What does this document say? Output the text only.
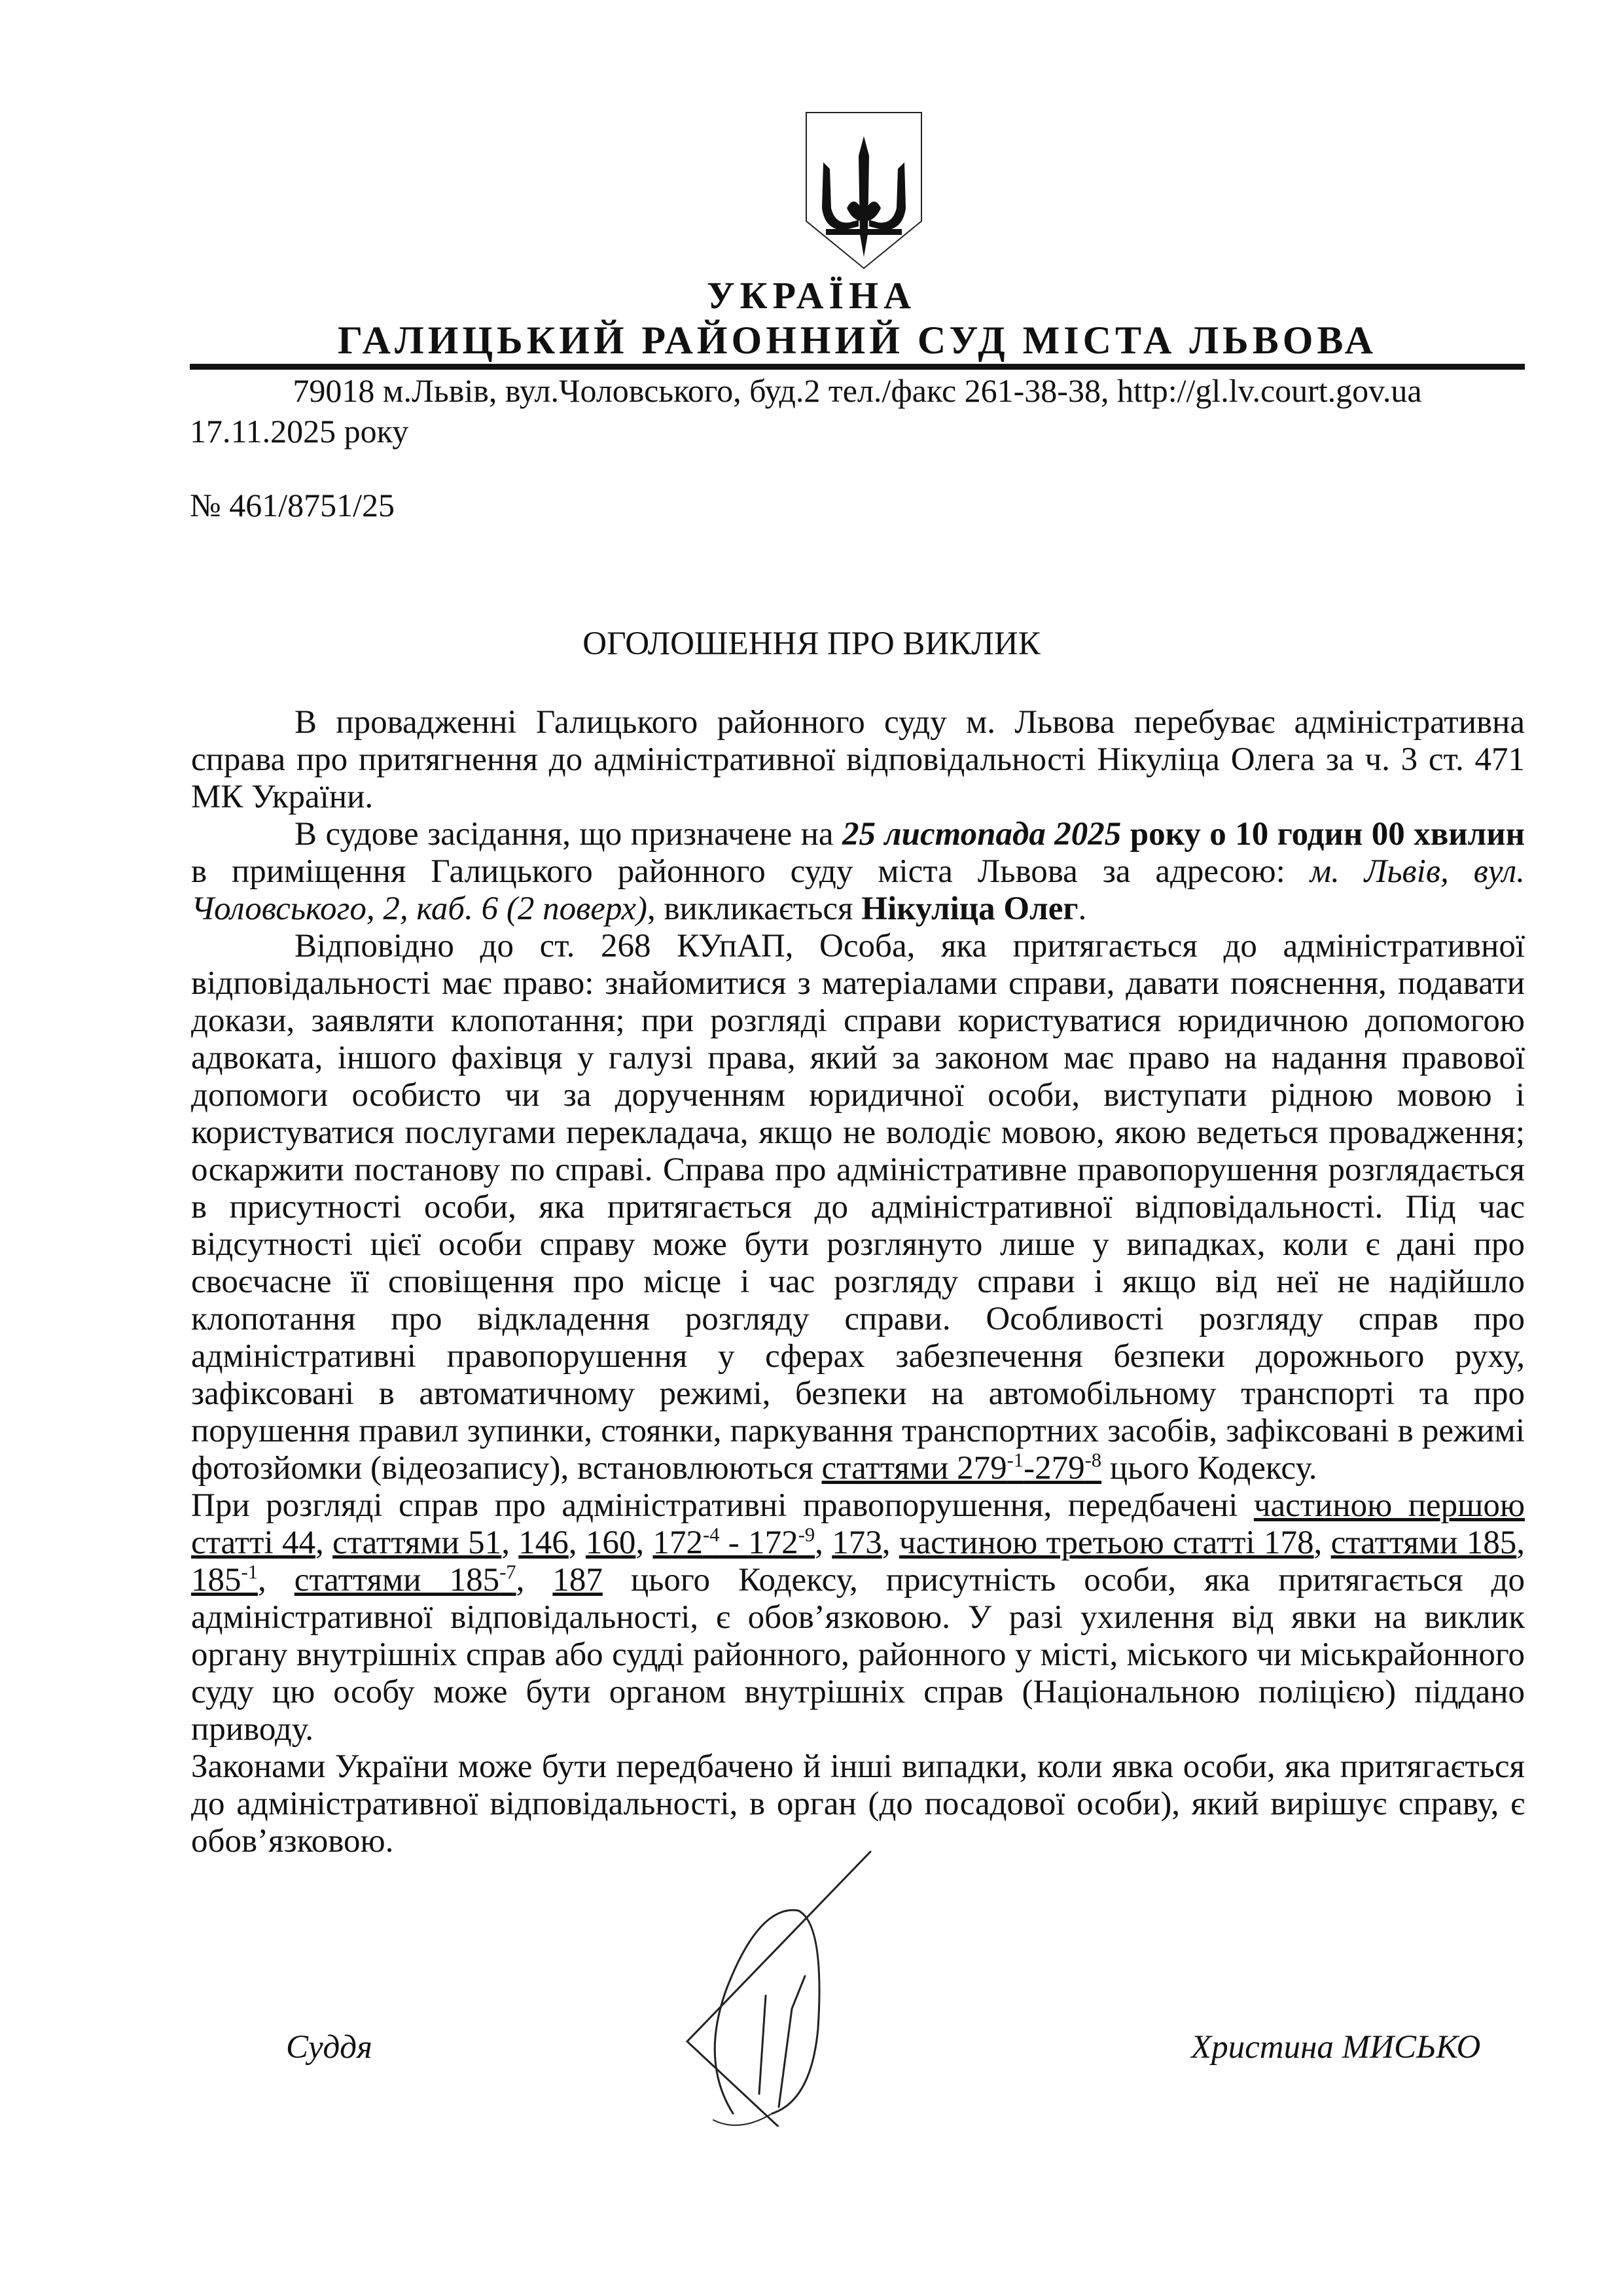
УКРАЇНА
ГАЛИЦЬКИЙ РАЙОННИЙ СУД МІСТА ЛЬВОВА
79018 м.Львів, вул.Чоловського, буд.2 тел./факс 261-38-38, http://gl.lv.court.gov.ua
17.11.2025 року
№ 461/8751/25
ОГОЛОШЕННЯ ПРО ВИКЛИК

В провадженні Галицького районного суду м. Львова перебуває адміністративна справа про притягнення до адміністративної відповідальності Нікуліца Олега за ч. 3 ст. 471 МК України.

В судове засідання, що призначене на 25 листопада 2025 року о 10 годин 00 хвилин в приміщення Галицького районного суду міста Львова за адресою: м. Львів, вул. Чоловського, 2, каб. 6 (2 поверх), викликається Нікуліца Олег.

Відповідно до ст. 268 КУпАП, Особа, яка притягається до адміністративної відповідальності має право: знайомитися з матеріалами справи, давати пояснення, подавати докази, заявляти клопотання; при розгляді справи користуватися юридичною допомогою адвоката, іншого фахівця у галузі права, який за законом має право на надання правової допомоги особисто чи за дорученням юридичної особи, виступати рідною мовою і користуватися послугами перекладача, якщо не володіє мовою, якою ведеться провадження; оскаржити постанову по справі. Справа про адміністративне правопорушення розглядається в присутності особи, яка притягається до адміністративної відповідальності. Під час відсутності цієї особи справу може бути розглянуто лише у випадках, коли є дані про своєчасне її сповіщення про місце і час розгляду справи і якщо від неї не надійшло клопотання про відкладення розгляду справи. Особливості розгляду справ про адміністративні правопорушення у сферах забезпечення безпеки дорожнього руху, зафіксовані в автоматичному режимі, безпеки на автомобільному транспорті та про порушення правил зупинки, стоянки, паркування транспортних засобів, зафіксовані в режимі фотозйомки (відеозапису), встановлюються статтями $279^{-1}-279^{-8}$ цього Кодексу.

При розгляді справ про адміністративні правопорушення, передбачені частиною першою статті 44, статтями 51, 146, 160, $172^{-4} - 172^{-9}$, 173, частиною третьою статті 178, статтями 185, $185^{-1}$, статтями $185^{-7}$, 187 цього Кодексу, присутність особи, яка притягається до адміністративної відповідальності, є обов’язковою. У разі ухилення від явки на виклик органу внутрішніх справ або судді районного, районного у місті, міського чи міськрайонного суду цю особу може бути органом внутрішніх справ (Національною поліцією) піддано приводу.

Законами України може бути передбачено й інші випадки, коли явка особи, яка притягається до адміністративної відповідальності, в орган (до посадової особи), який вирішує справу, є обов’язковою.

Суддя	Христина МИСЬКО
